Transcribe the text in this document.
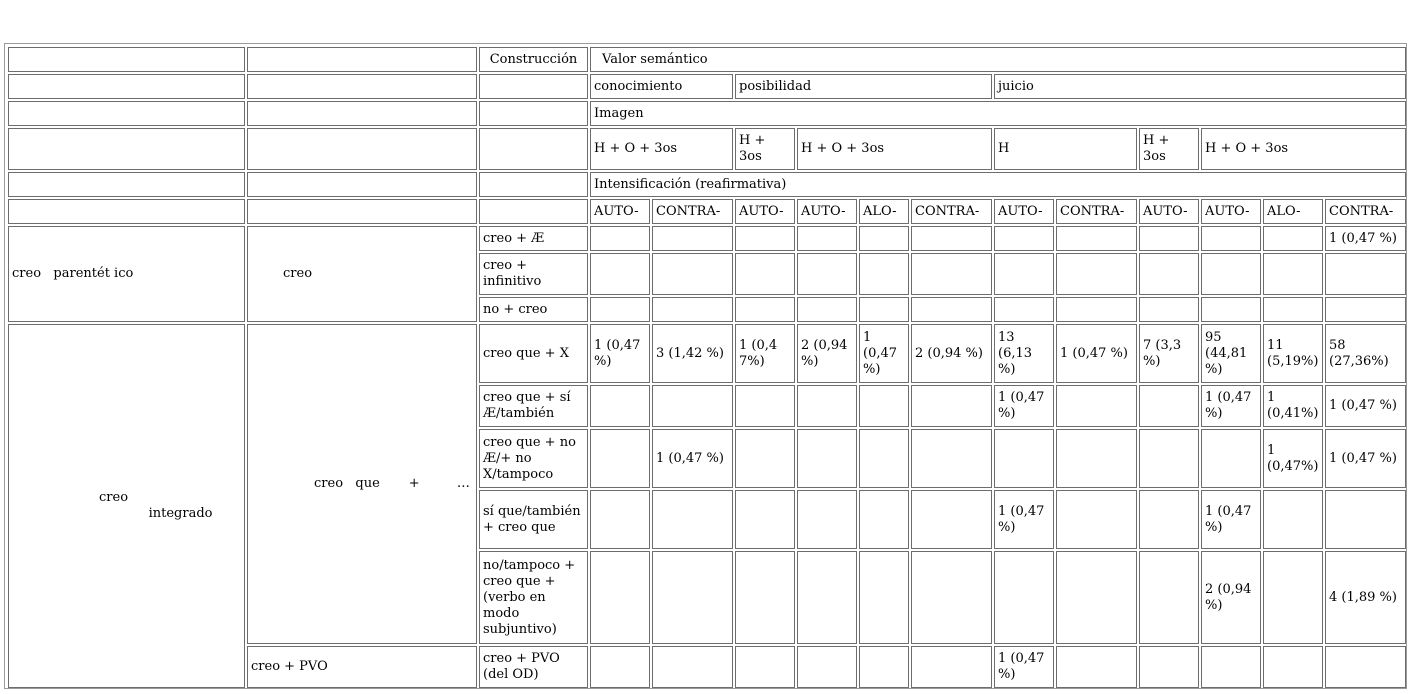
		Construcción	Valor semántico											
			conocimiento		posibilidad				juicio					
			Imagen											
			H + O + 3os		H + 3os	H + O + 3os			H		H + 3os	H + O + 3os		
			Intensificación (reafirmativa)											
			AUTO-	CONTRA-	AUTO-	AUTO-	ALO-	CONTRA-	AUTO-	CONTRA-	AUTO-	AUTO-	ALO-	CONTRA-
creo parentét ico	creo	creo + Æ												1 (0,47 %)
		creo + infinitivo												
		no + creo												
creo            integrado	creo que + …	creo que + X	1 (0,47 %)	3 (1,42 %)	1 (0,4 7%)	2 (0,94 %)	1 (0,47 %)	2 (0,94 %)	13 (6,13 %)	1 (0,47 %)	7 (3,3 %)	95 (44,81 %)	11 (5,19%)	58 (27,36%)
		creo que + sí Æ/también							1 (0,47 %)			1 (0,47 %)	1 (0,41%)	1 (0,47 %)
		creo que + no Æ/+ no X/tampoco		1 (0,47 %)									1 (0,47%)	1 (0,47 %)
		sí que/también + creo que							1 (0,47 %)			1 (0,47 %)		
		no/tampoco + creo que + (verbo en modo subjuntivo)										2 (0,94 %)		4 (1,89 %)
	creo + PVO	creo + PVO (del OD)							1 (0,47 %)					
